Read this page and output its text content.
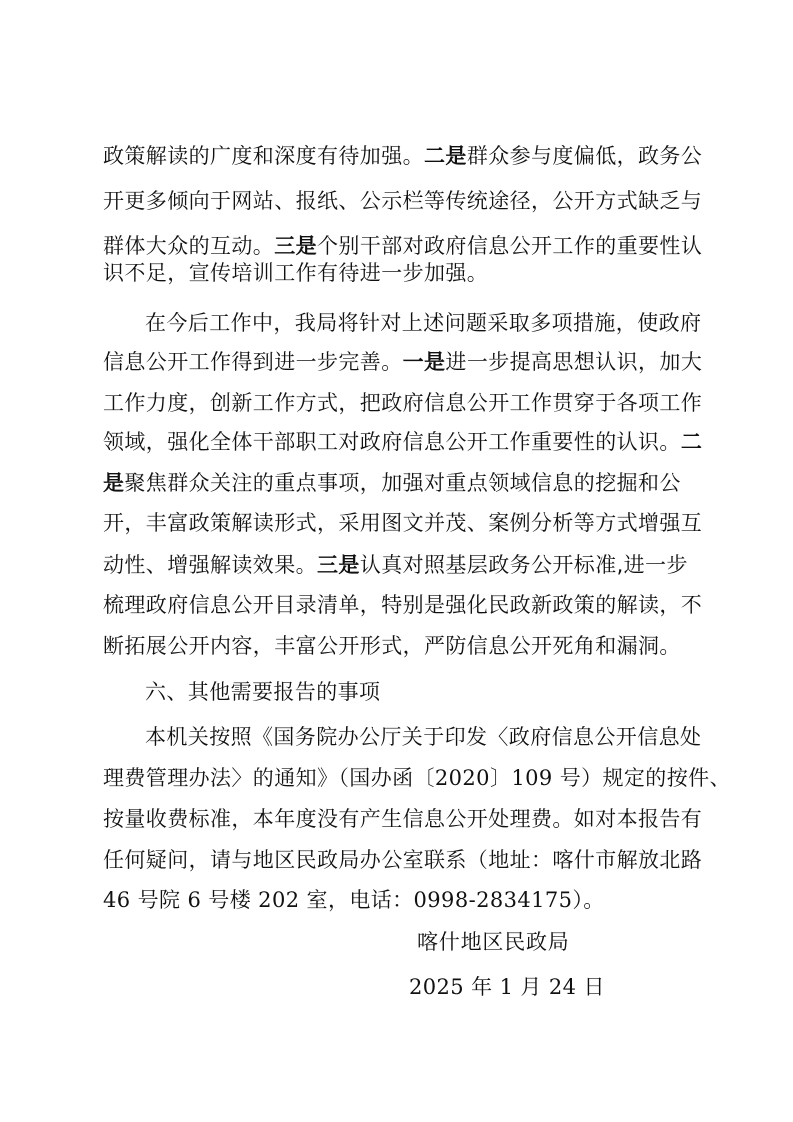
政策解读的广度和深度有待加强。二是群众参与度偏低，政务公
开更多倾向于网站、报纸、公示栏等传统途径，公开方式缺乏与
群体大众的互动。三是个别干部对政府信息公开工作的重要性认
识不足，宣传培训工作有待进一步加强。
在今后工作中，我局将针对上述问题采取多项措施，使政府
信息公开工作得到进一步完善。一是进一步提高思想认识，加大
工作力度，创新工作方式，把政府信息公开工作贯穿于各项工作
领域，强化全体干部职工对政府信息公开工作重要性的认识。二
是聚焦群众关注的重点事项，加强对重点领域信息的挖掘和公
开，丰富政策解读形式，采用图文并茂、案例分析等方式增强互
动性、增强解读效果。三是认真对照基层政务公开标准,进一步
梳理政府信息公开目录清单，特别是强化民政新政策的解读，不
断拓展公开内容，丰富公开形式，严防信息公开死角和漏洞。
六、其他需要报告的事项
本机关按照《国务院办公厅关于印发〈政府信息公开信息处
理费管理办法〉的通知》（国办函〔2020〕109 号）规定的按件、
按量收费标准，本年度没有产生信息公开处理费。如对本报告有
任何疑问，请与地区民政局办公室联系（地址：喀什市解放北路
46 号院 6 号楼 202 室，电话：0998-2834175）。
喀什地区民政局
2025 年 1 月 24 日
